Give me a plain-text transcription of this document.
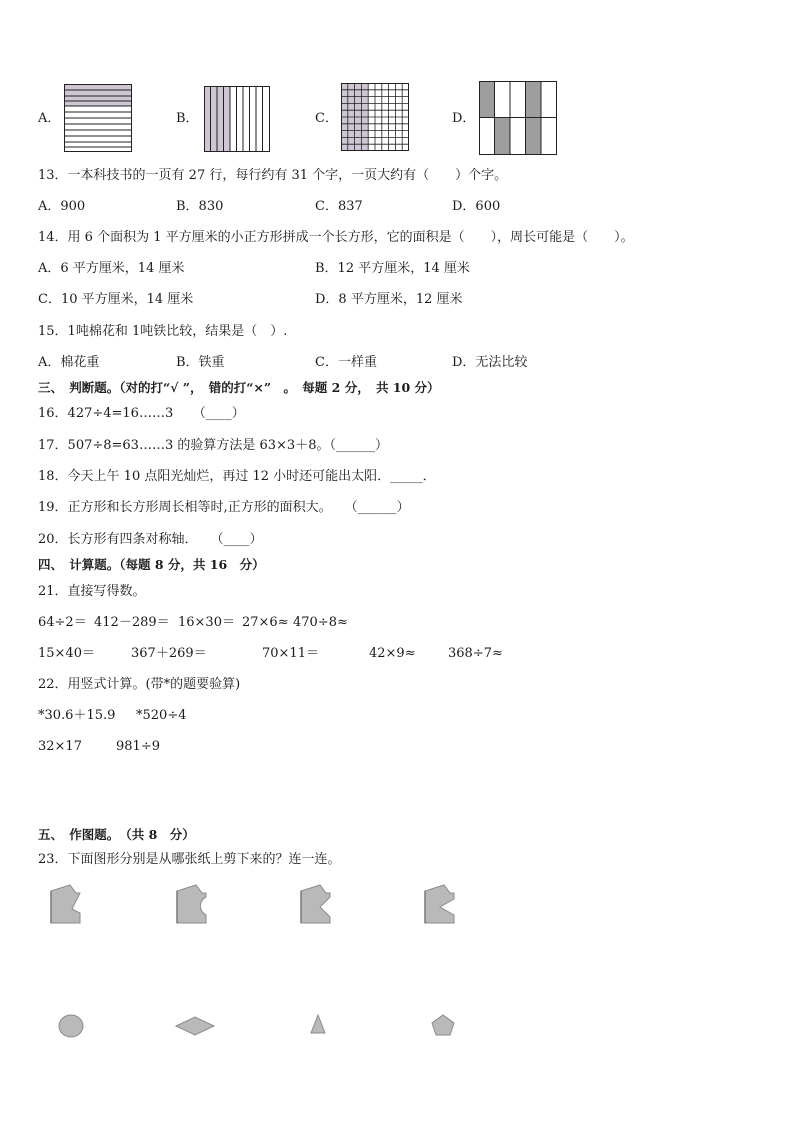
A．	B．	C．	D．
13．一本科技书的一页有 27 行，每行约有 31 个字，一页大约有（　　）个字。
A．900	B．830	C．837	D．600
14．用 6 个面积为 1 平方厘米的小正方形拼成一个长方形，它的面积是（　　），周长可能是（　　）。
A．6 平方厘米，14 厘米	B．12 平方厘米，14 厘米
C．10 平方厘米，14 厘米	D．8 平方厘米，12 厘米
15．1吨棉花和 1吨铁比较，结果是（　）.
A．棉花重	B．铁重	C．一样重	D．无法比较
三、　判断题。（对的打“√ ”，　错的打“×”　。　每题 2 分，　共 10 分）
16．427÷4=16……3　　（____）
17．507÷8=63……3 的验算方法是 63×3＋8。（______）
18．今天上午 10 点阳光灿烂，再过 12 小时还可能出太阳．_____．
19．正方形和长方形周长相等时,正方形的面积大。　　（______）
20．长方形有四条对称轴．　　（____）
四、　计算题。（每题 8 分，共 16　分）
21．直接写得数。
64÷2＝ 412－289＝ 16×30＝ 27×6≈ 470÷8≈
15×40＝	367＋269＝	70×11＝	42×9≈ 368÷7≈
22．用竖式计算。(带*的题要验算)
*30.6＋15.9 *520÷4
32×17	981÷9
五、　作图题。　（共 8　分）
23．下面图形分别是从哪张纸上剪下来的？连一连。
